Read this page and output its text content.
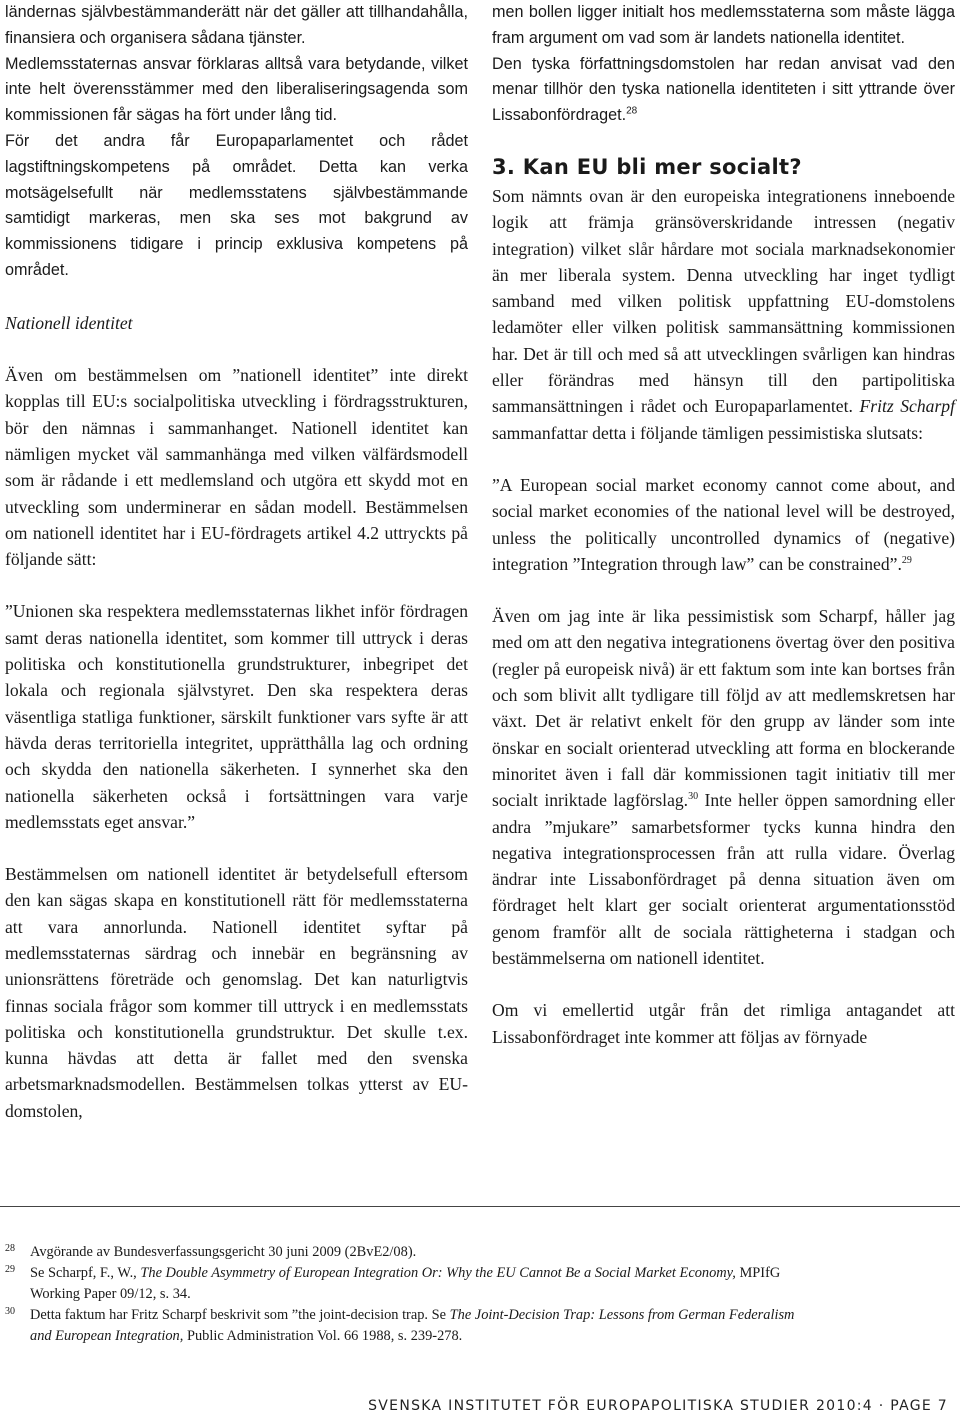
ländernas självbestämmanderätt när det gäller att tillhandahålla, finansiera och organisera sådana tjänster.

Medlemsstaternas ansvar förklaras alltså vara betydande, vilket inte helt överensstämmer med den liberaliseringsagenda som kommissionen får sägas ha fört under lång tid.

För det andra får Europaparlamentet och rådet lagstiftningskompetens på området. Detta kan verka motsägelsefullt när medlemsstatens självbestämmande samtidigt markeras, men ska ses mot bakgrund av kommissionens tidigare i princip exklusiva kompetens på området.

Nationell identitet

Även om bestämmelsen om ”nationell identitet” inte direkt kopplas till EU:s socialpolitiska utveckling i fördragsstrukturen, bör den nämnas i sammanhanget. Nationell identitet kan nämligen mycket väl sammanhänga med vilken välfärdsmodell som är rådande i ett medlemsland och utgöra ett skydd mot en utveckling som underminerar en sådan modell. Bestämmelsen om nationell identitet har i EU-fördragets artikel 4.2 uttryckts på följande sätt:

”Unionen ska respektera medlemsstaternas likhet inför fördragen samt deras nationella identitet, som kommer till uttryck i deras politiska och konstitutionella grundstrukturer, inbegripet det lokala och regionala självstyret. Den ska respektera deras väsentliga statliga funktioner, särskilt funktioner vars syfte är att hävda deras territoriella integritet, upprätthålla lag och ordning och skydda den nationella säkerheten. I synnerhet ska den nationella säkerheten också i fortsättningen vara varje medlemsstats eget ansvar.”

Bestämmelsen om nationell identitet är betydelsefull eftersom den kan sägas skapa en konstitutionell rätt för medlemsstaterna att vara annorlunda. Nationell identitet syftar på medlemsstaternas särdrag och innebär en begränsning av unionsrättens företräde och genomslag. Det kan naturligtvis finnas sociala frågor som kommer till uttryck i en medlemsstats politiska och konstitutionella grundstruktur. Det skulle t.ex. kunna hävdas att detta är fallet med den svenska arbetsmarknadsmodellen. Bestämmelsen tolkas ytterst av EU-domstolen,

men bollen ligger initialt hos medlemsstaterna som måste lägga fram argument om vad som är landets nationella identitet.

Den tyska författningsdomstolen har redan anvisat vad den menar tillhör den tyska nationella identiteten i sitt yttrande över Lissabonfördraget.$^{28}$

3. Kan EU bli mer socialt?

Som nämnts ovan är den europeiska integrationens inneboende logik att främja gränsöverskridande intressen (negativ integration) vilket slår hårdare mot sociala marknadsekonomier än mer liberala system. Denna utveckling har inget tydligt samband med vilken politisk uppfattning EU-domstolens ledamöter eller vilken politisk sammansättning kommissionen har. Det är till och med så att utvecklingen svårligen kan hindras eller förändras med hänsyn till den partipolitiska sammansättningen i rådet och Europaparlamentet. Fritz Scharpf sammanfattar detta i följande tämligen pessimistiska slutsats:

”A European social market economy cannot come about, and social market economies of the national level will be destroyed, unless the politically uncontrolled dynamics of (negative) integration ”Integration through law” can be constrained”.$^{29}$

Även om jag inte är lika pessimistisk som Scharpf, håller jag med om att den negativa integrationens övertag över den positiva (regler på europeisk nivå) är ett faktum som inte kan bortses från och som blivit allt tydligare till följd av att medlemskretsen har växt. Det är relativt enkelt för den grupp av länder som inte önskar en socialt orienterad utveckling att forma en blockerande minoritet även i fall där kommissionen tagit initiativ till mer socialt inriktade lagförslag.$^{30}$ Inte heller öppen samordning eller andra ”mjukare” samarbetsformer tycks kunna hindra den negativa integrationsprocessen från att rulla vidare. Överlag ändrar inte Lissabonfördraget på denna situation även om fördraget helt klart ger socialt orienterat argumentationsstöd genom framför allt de sociala rättigheterna i stadgan och bestämmelserna om nationell identitet.

Om vi emellertid utgår från det rimliga antagandet att Lissabonfördraget inte kommer att följas av förnyade

28 Avgörande av Bundesverfassungsgericht 30 juni 2009 (2BvE2/08).

29 Se Scharpf, F., W., The Double Asymmetry of European Integration Or: Why the EU Cannot Be a Social Market Economy, MPIfG Working Paper 09/12, s. 34.

30 Detta faktum har Fritz Scharpf beskrivit som ”the joint-decision trap. Se The Joint-Decision Trap: Lessons from German Federalism and European Integration, Public Administration Vol. 66 1988, s. 239-278.

SVENSKA INSTITUTET FÖR EUROPAPOLITISKA STUDIER 2010:4 · PAGE 7
